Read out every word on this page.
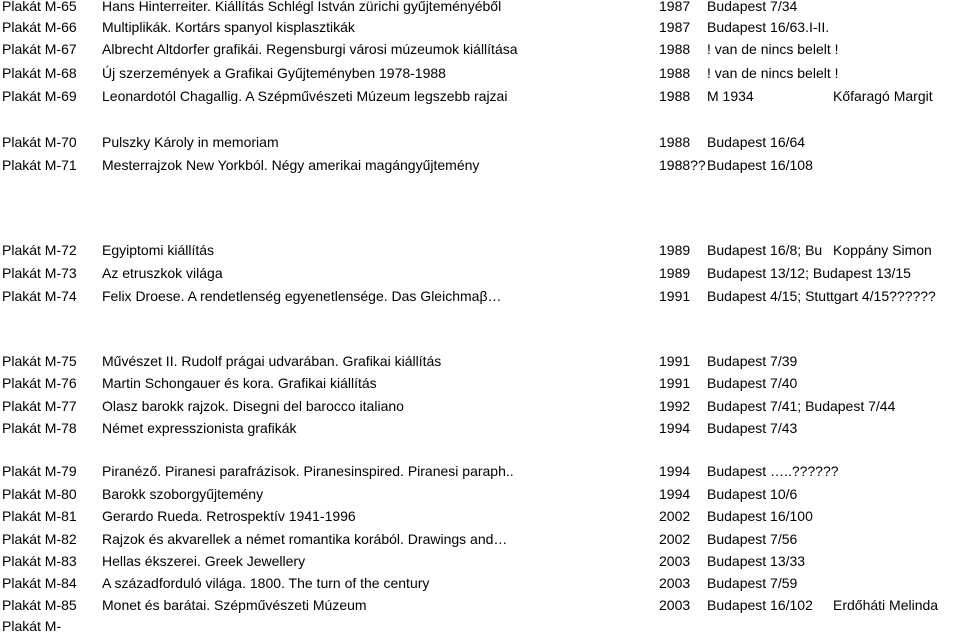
Plakát M-65 Hans Hinterreiter. Kiállítás Schlégl István zürichi gyűjteményéből	1987 Budapest 7/34
Plakát M-66 Multiplikák. Kortárs spanyol kisplasztikák	1987 Budapest 16/63.I-II.
Plakát M-67 Albrecht Altdorfer grafikái. Regensburgi városi múzeumok kiállítása	1988 ! van de nincs belelt !
Plakát M-68 Új szerzemények a Grafikai Gyűjteményben 1978-1988	1988 ! van de nincs belelt !
Plakát M-69 Leonardotól Chagallig. A Szépművészeti Múzeum legszebb rajzai	1988 M 1934	Kőfaragó Margit
Plakát M-70 Pulszky Károly in memoriam	1988 Budapest 16/64
Plakát M-71 Mesterrajzok New Yorkból. Négy amerikai magángyűjtemény	1988?? Budapest 16/108
Plakát M-72 Egyiptomi kiállítás	1989 Budapest 16/8; Bu Koppány Simon
Plakát M-73 Az etruszkok világa	1989 Budapest 13/12; Budapest 13/15
Plakát M-74 Felix Droese. A rendetlenség egyenetlensége. Das Gleichmaβ…	1991 Budapest 4/15; Stuttgart 4/15??????
Plakát M-75 Művészet II. Rudolf prágai udvarában. Grafikai kiállítás	1991 Budapest 7/39
Plakát M-76 Martin Schongauer és kora. Grafikai kiállítás	1991 Budapest 7/40
Plakát M-77 Olasz barokk rajzok. Disegni del barocco italiano	1992 Budapest 7/41; Budapest 7/44
Plakát M-78 Német expresszionista grafikák	1994 Budapest 7/43
Plakát M-79 Piranéző. Piranesi parafrázisok. Piranesinspired. Piranesi paraph..	1994 Budapest …..??????
Plakát M-80 Barokk szoborgyűjtemény	1994 Budapest 10/6
Plakát M-81 Gerardo Rueda. Retrospektív 1941-1996	2002 Budapest 16/100
Plakát M-82 Rajzok és akvarellek a német romantika korából. Drawings and…	2002 Budapest 7/56
Plakát M-83 Hellas ékszerei. Greek Jewellery	2003 Budapest 13/33
Plakát M-84 A századforduló világa. 1800. The turn of the century	2003 Budapest 7/59
Plakát M-85 Monet és barátai. Szépművészeti Múzeum	2003 Budapest 16/102 Erdőháti Melinda
Plakát M-
